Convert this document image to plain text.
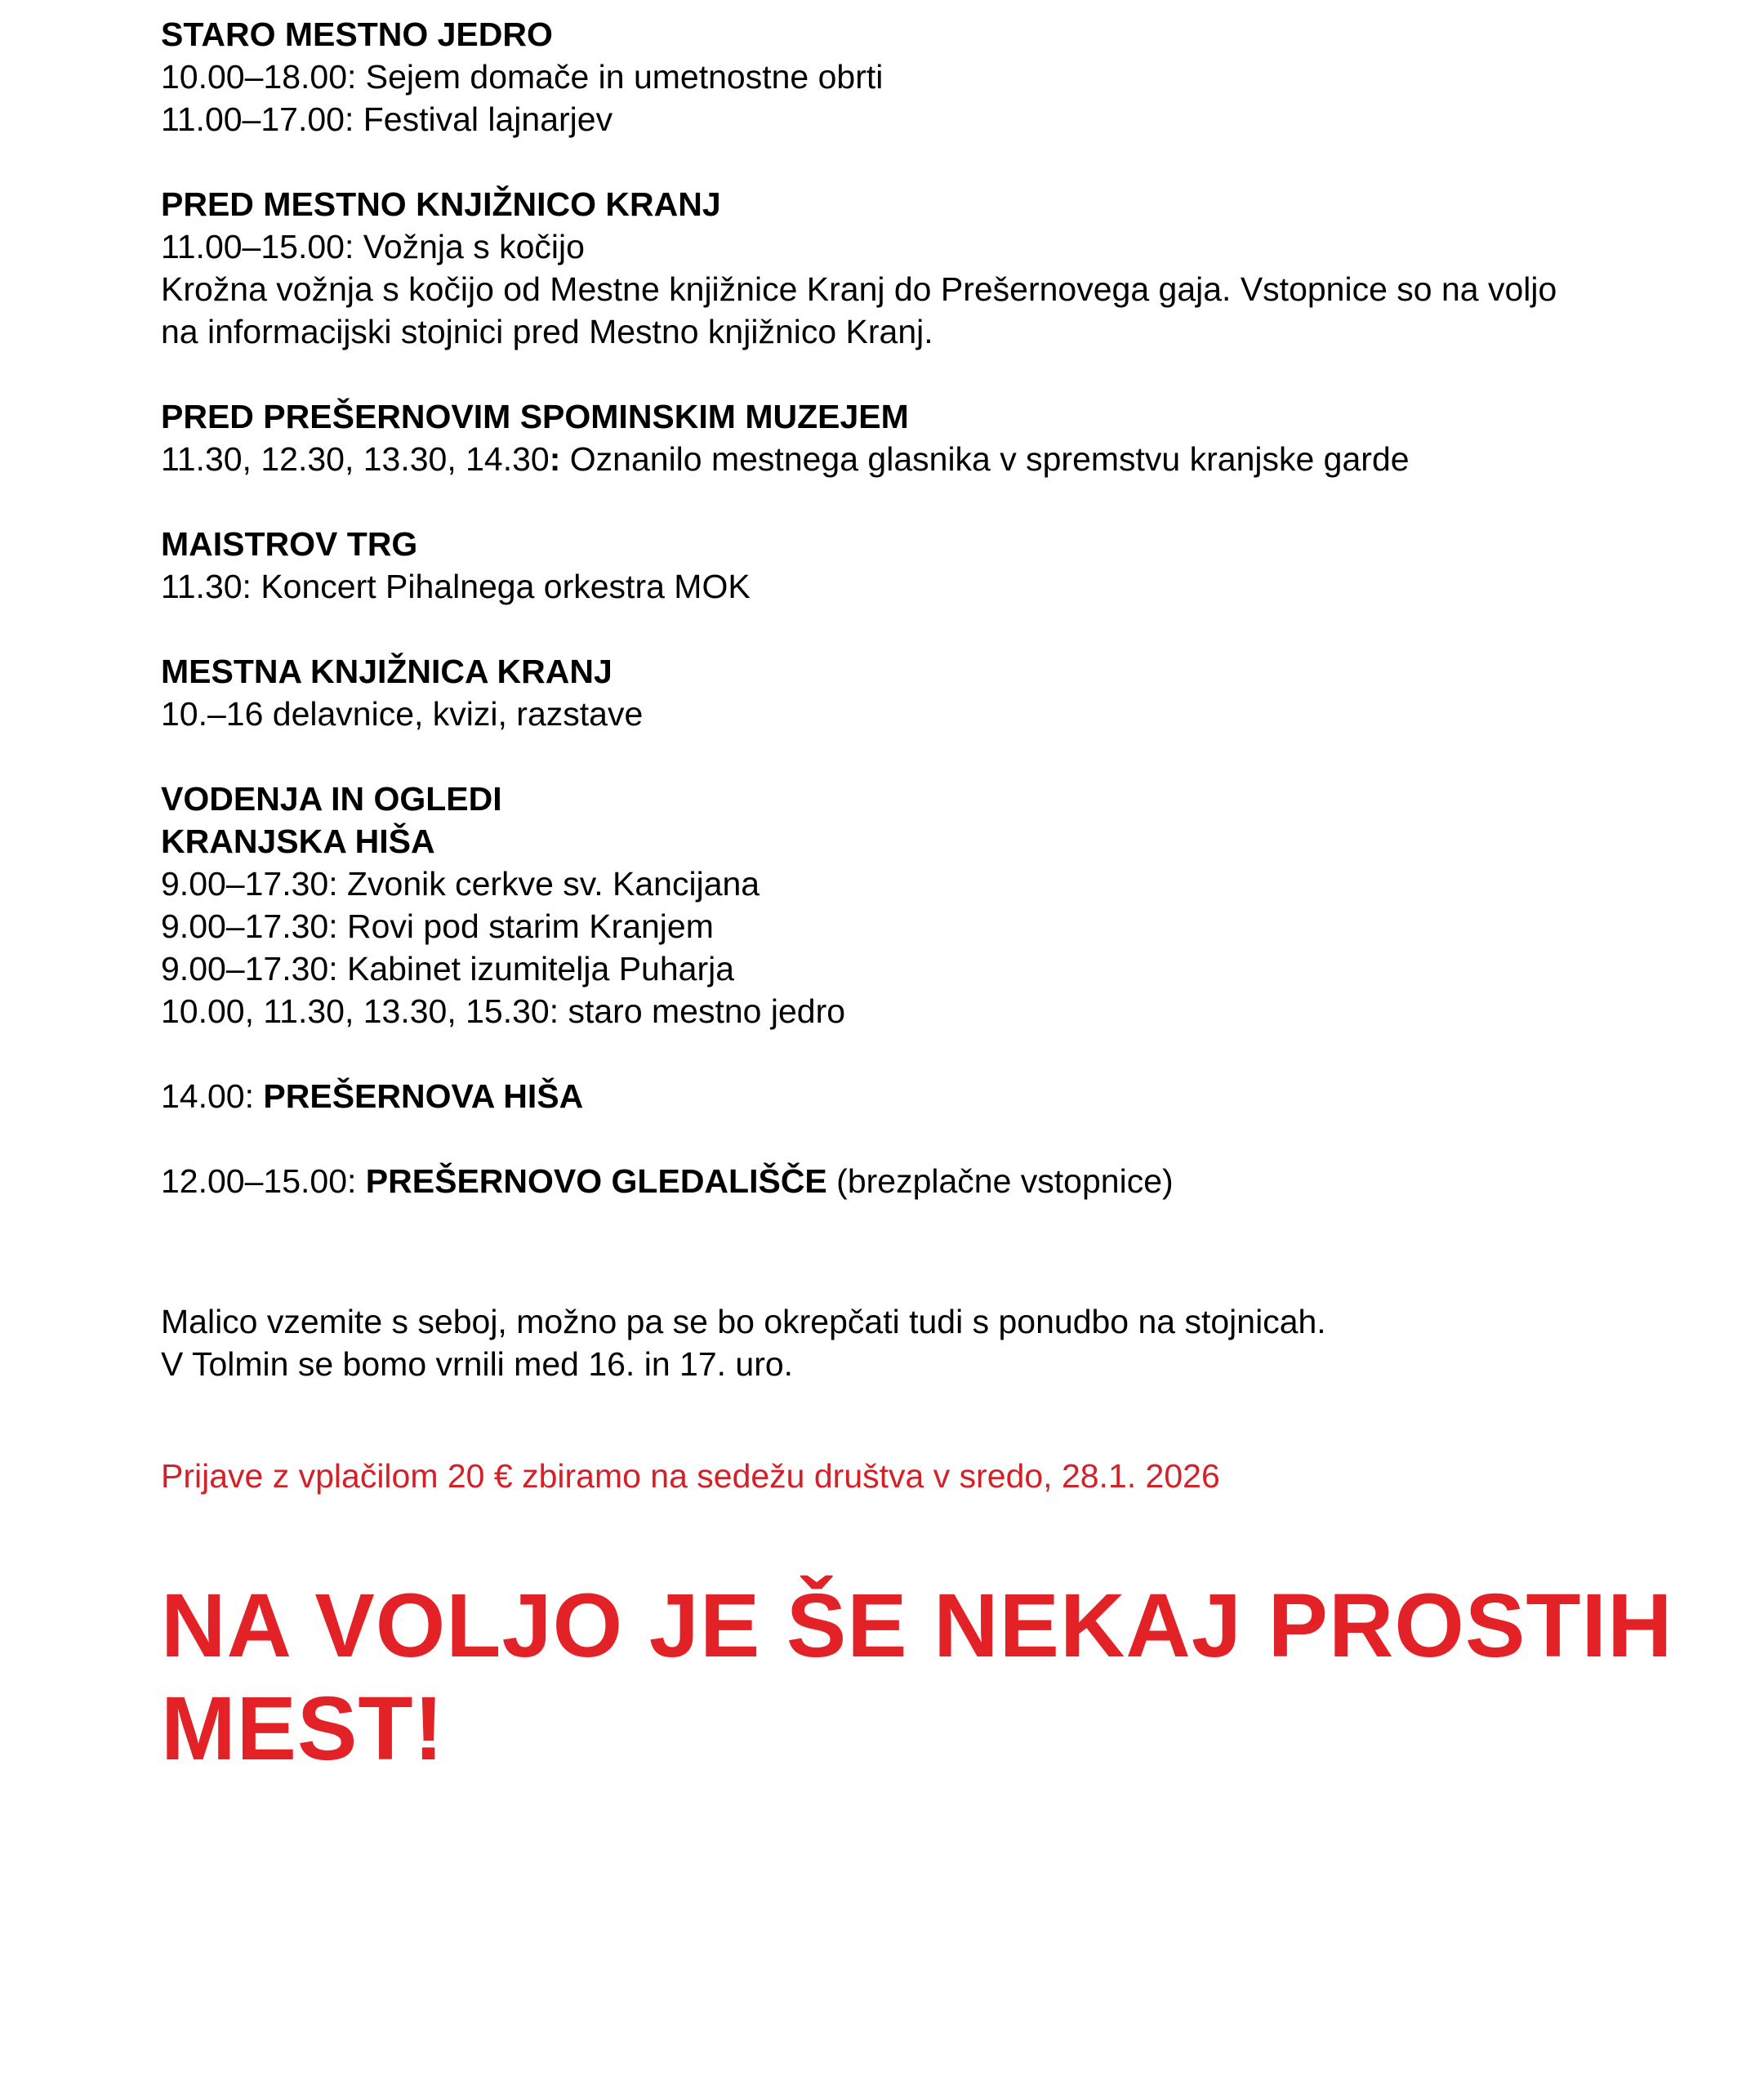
STARO MESTNO JEDRO
10.00–18.00: Sejem domače in umetnostne obrti
11.00–17.00: Festival lajnarjev
PRED MESTNO KNJIŽNICO KRANJ
11.00–15.00: Vožnja s kočijo
Krožna vožnja s kočijo od Mestne knjižnice Kranj do Prešernovega gaja. Vstopnice so na voljo
na informacijski stojnici pred Mestno knjižnico Kranj.
PRED PREŠERNOVIM SPOMINSKIM MUZEJEM
11.30, 12.30, 13.30, 14.30: Oznanilo mestnega glasnika v spremstvu kranjske garde
MAISTROV TRG
11.30: Koncert Pihalnega orkestra MOK
MESTNA KNJIŽNICA KRANJ
10.–16 delavnice, kvizi, razstave
VODENJA IN OGLEDI
KRANJSKA HIŠA
9.00–17.30: Zvonik cerkve sv. Kancijana
9.00–17.30: Rovi pod starim Kranjem
9.00–17.30: Kabinet izumitelja Puharja
10.00, 11.30, 13.30, 15.30: staro mestno jedro
14.00: PREŠERNOVA HIŠA
12.00–15.00: PREŠERNOVO GLEDALIŠČE (brezplačne vstopnice)
Malico vzemite s seboj, možno pa se bo okrepčati tudi s ponudbo na stojnicah.
V Tolmin se bomo vrnili med 16. in 17. uro.
Prijave z vplačilom 20 € zbiramo na sedežu društva v sredo, 28.1. 2026
NA VOLJO JE ŠE NEKAJ PROSTIH
MEST!
